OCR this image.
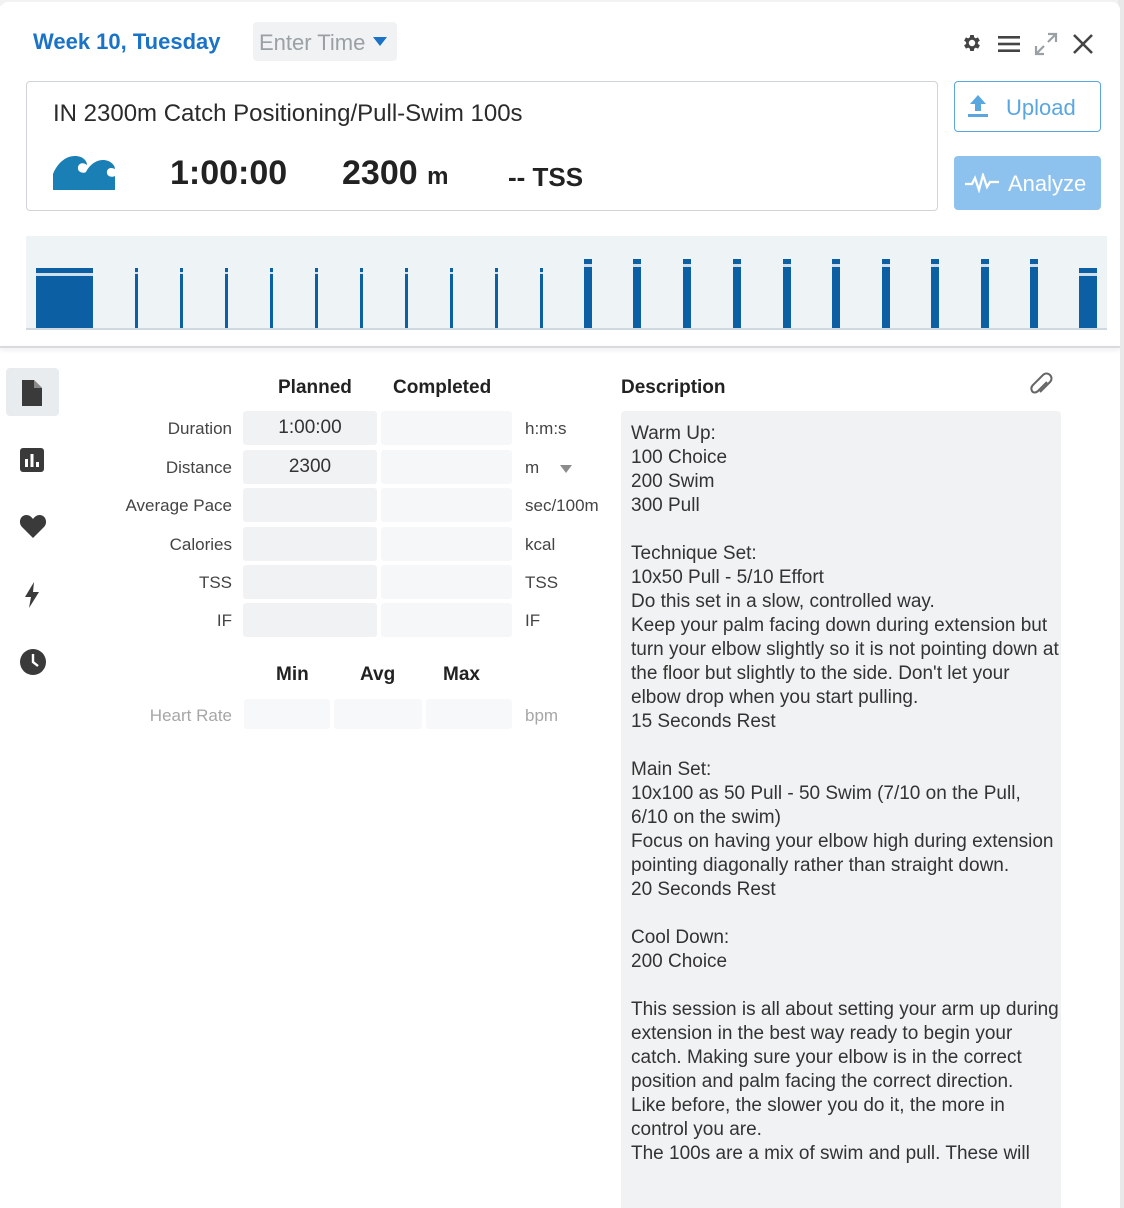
Week 10, Tuesday Enter Time
IN 2300m Catch Positioning/Pull-Swim 100s
1:00:00 2300 m -- TSS
Upload
Analyze
Planned Completed
Duration	1:00:00	h:m:s
Distance	2300	m
Average Pace	sec/100m
Calories	kcal
TSS	TSS
IF	IF
Min	Avg	Max
Heart Rate	bpm
Description
Warm Up:
100 Choice
200 Swim
300 Pull

Technique Set:
10x50 Pull - 5/10 Effort
Do this set in a slow, controlled way.
Keep your palm facing down during extension but turn your elbow slightly so it is not pointing down at the floor but slightly to the side. Don't let your elbow drop when you start pulling.
15 Seconds Rest

Main Set:
10x100 as 50 Pull - 50 Swim (7/10 on the Pull, 6/10 on the swim)
Focus on having your elbow high during extension pointing diagonally rather than straight down.
20 Seconds Rest

Cool Down:
200 Choice

This session is all about setting your arm up during extension in the best way ready to begin your catch. Making sure your elbow is in the correct position and palm facing the correct direction.
Like before, the slower you do it, the more in control you are.
The 100s are a mix of swim and pull. These will
